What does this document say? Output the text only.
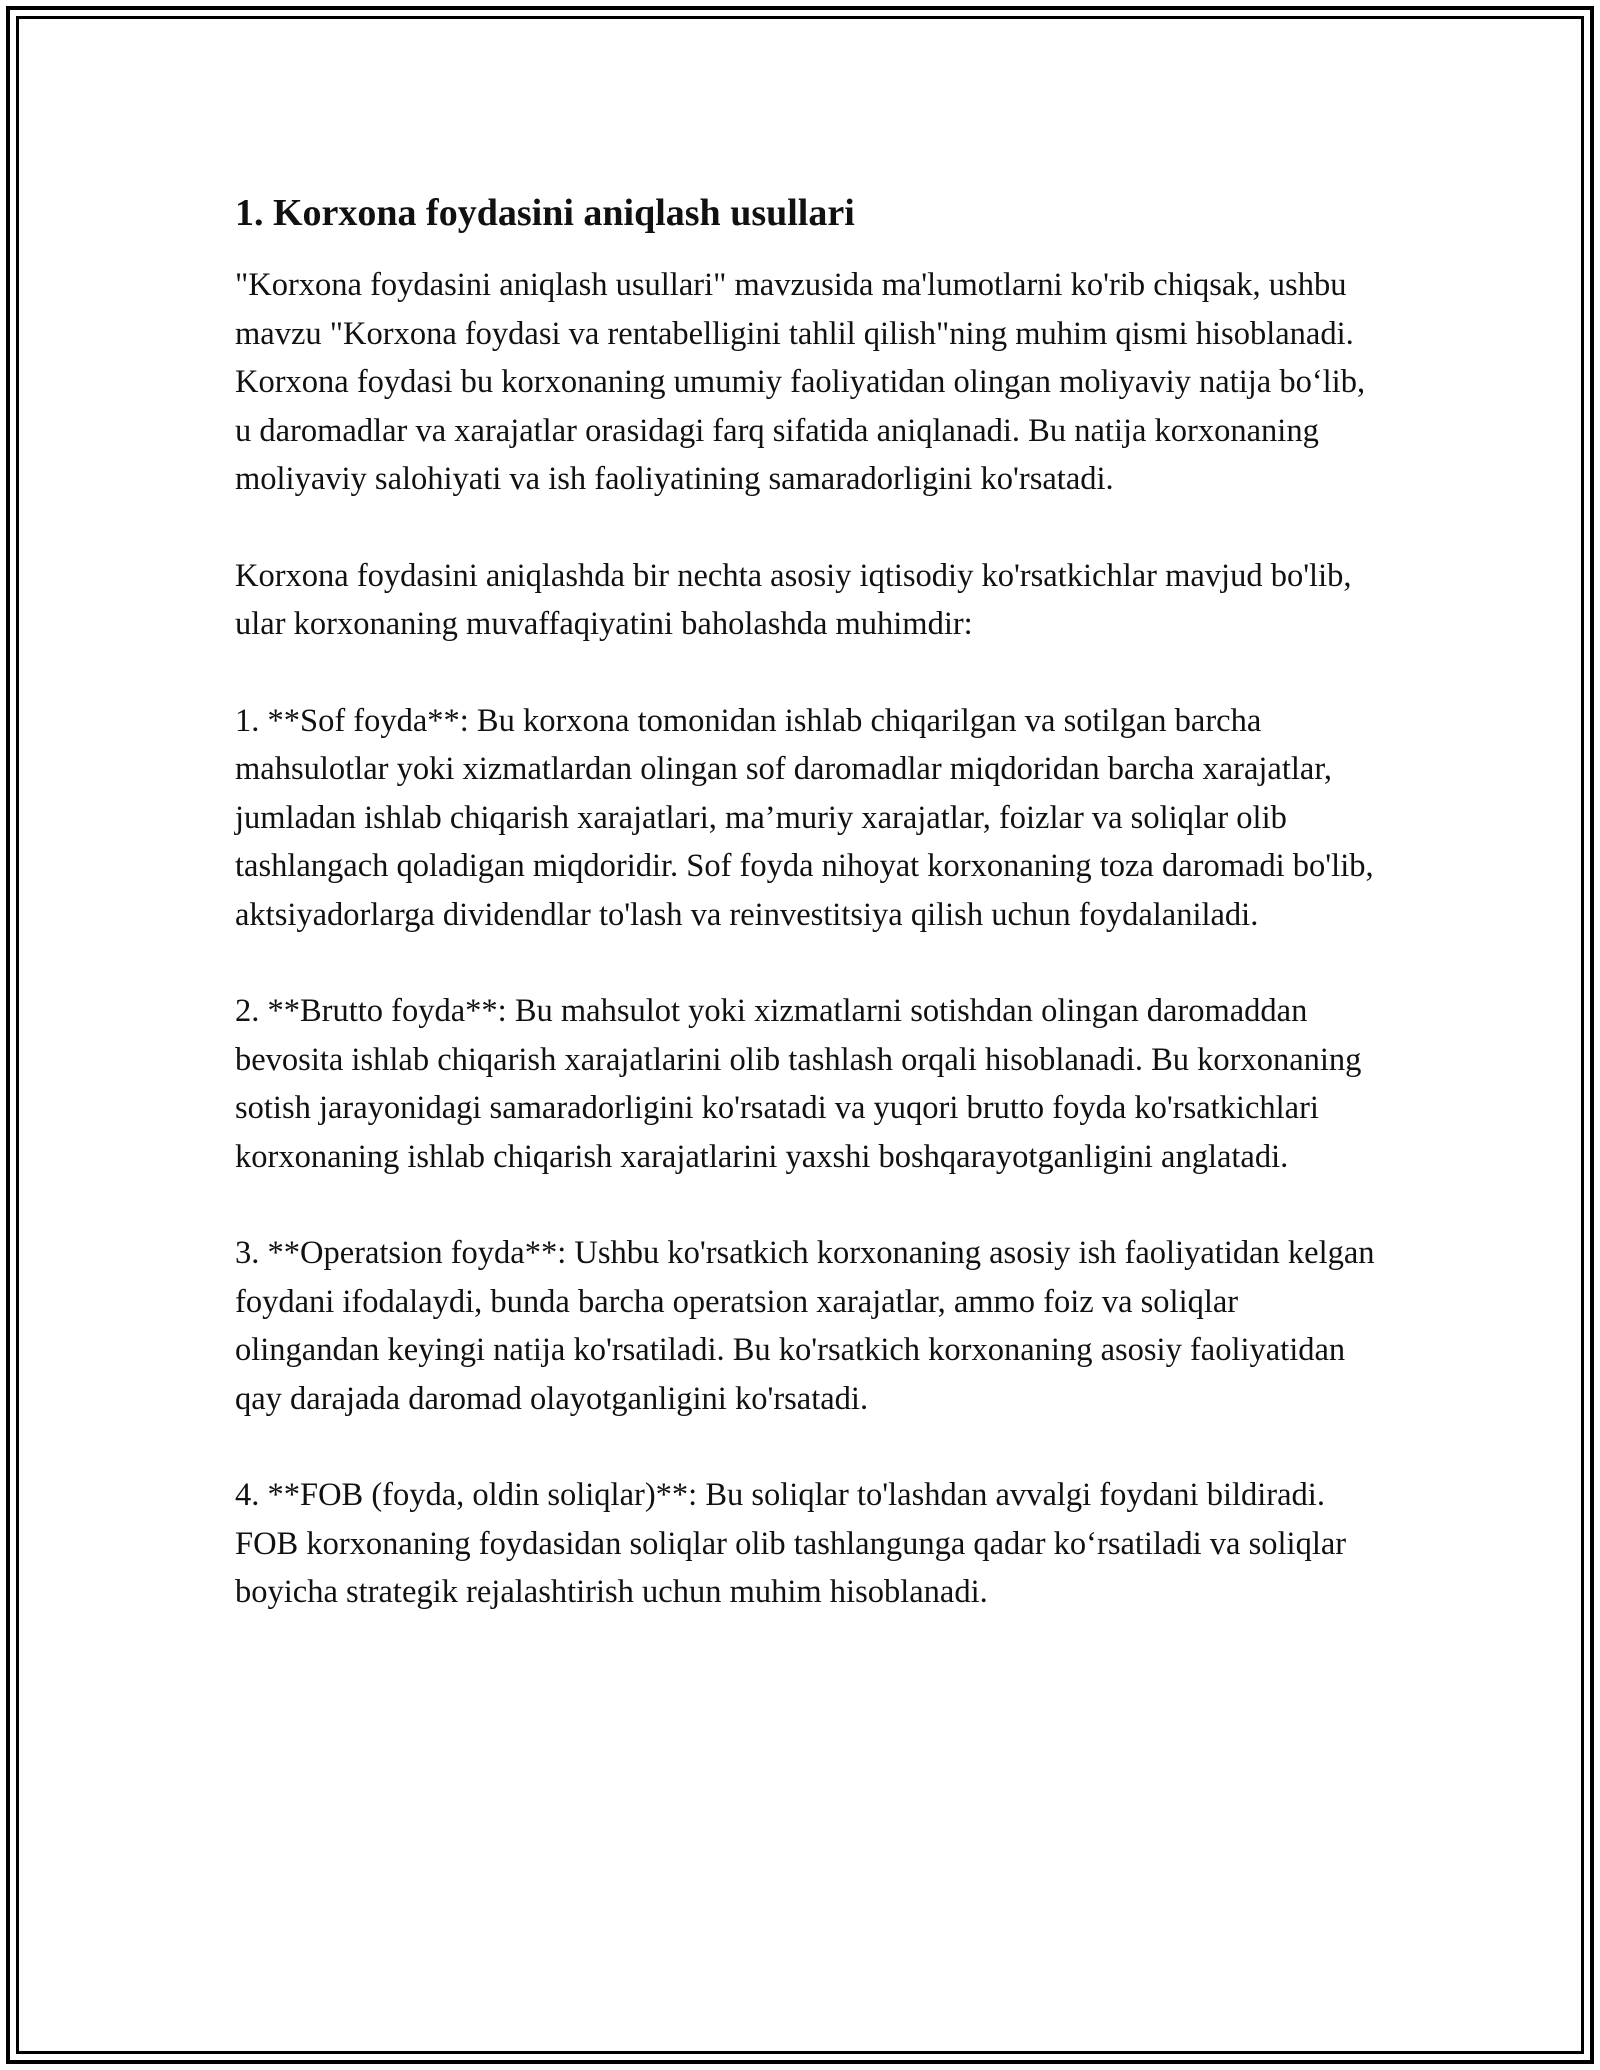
1. Korxona foydasini aniqlash usullari

"Korxona foydasini aniqlash usullari" mavzusida ma'lumotlarni ko'rib chiqsak, ushbu mavzu "Korxona foydasi va rentabelligini tahlil qilish"ning muhim qismi hisoblanadi. Korxona foydasi bu korxonaning umumiy faoliyatidan olingan moliyaviy natija bo‘lib, u daromadlar va xarajatlar orasidagi farq sifatida aniqlanadi. Bu natija korxonaning moliyaviy salohiyati va ish faoliyatining samaradorligini ko'rsatadi.

Korxona foydasini aniqlashda bir nechta asosiy iqtisodiy ko'rsatkichlar mavjud bo'lib, ular korxonaning muvaffaqiyatini baholashda muhimdir:

1. **Sof foyda**: Bu korxona tomonidan ishlab chiqarilgan va sotilgan barcha mahsulotlar yoki xizmatlardan olingan sof daromadlar miqdoridan barcha xarajatlar, jumladan ishlab chiqarish xarajatlari, ma’muriy xarajatlar, foizlar va soliqlar olib tashlangach qoladigan miqdoridir. Sof foyda nihoyat korxonaning toza daromadi bo'lib, aktsiyadorlarga dividendlar to'lash va reinvestitsiya qilish uchun foydalaniladi.

2. **Brutto foyda**: Bu mahsulot yoki xizmatlarni sotishdan olingan daromaddan bevosita ishlab chiqarish xarajatlarini olib tashlash orqali hisoblanadi. Bu korxonaning sotish jarayonidagi samaradorligini ko'rsatadi va yuqori brutto foyda ko'rsatkichlari korxonaning ishlab chiqarish xarajatlarini yaxshi boshqarayotganligini anglatadi.

3. **Operatsion foyda**: Ushbu ko'rsatkich korxonaning asosiy ish faoliyatidan kelgan foydani ifodalaydi, bunda barcha operatsion xarajatlar, ammo foiz va soliqlar olingandan keyingi natija ko'rsatiladi. Bu ko'rsatkich korxonaning asosiy faoliyatidan qay darajada daromad olayotganligini ko'rsatadi.

4. **FOB (foyda, oldin soliqlar)**: Bu soliqlar to'lashdan avvalgi foydani bildiradi. FOB korxonaning foydasidan soliqlar olib tashlangunga qadar ko‘rsatiladi va soliqlar boyicha strategik rejalashtirish uchun muhim hisoblanadi.
